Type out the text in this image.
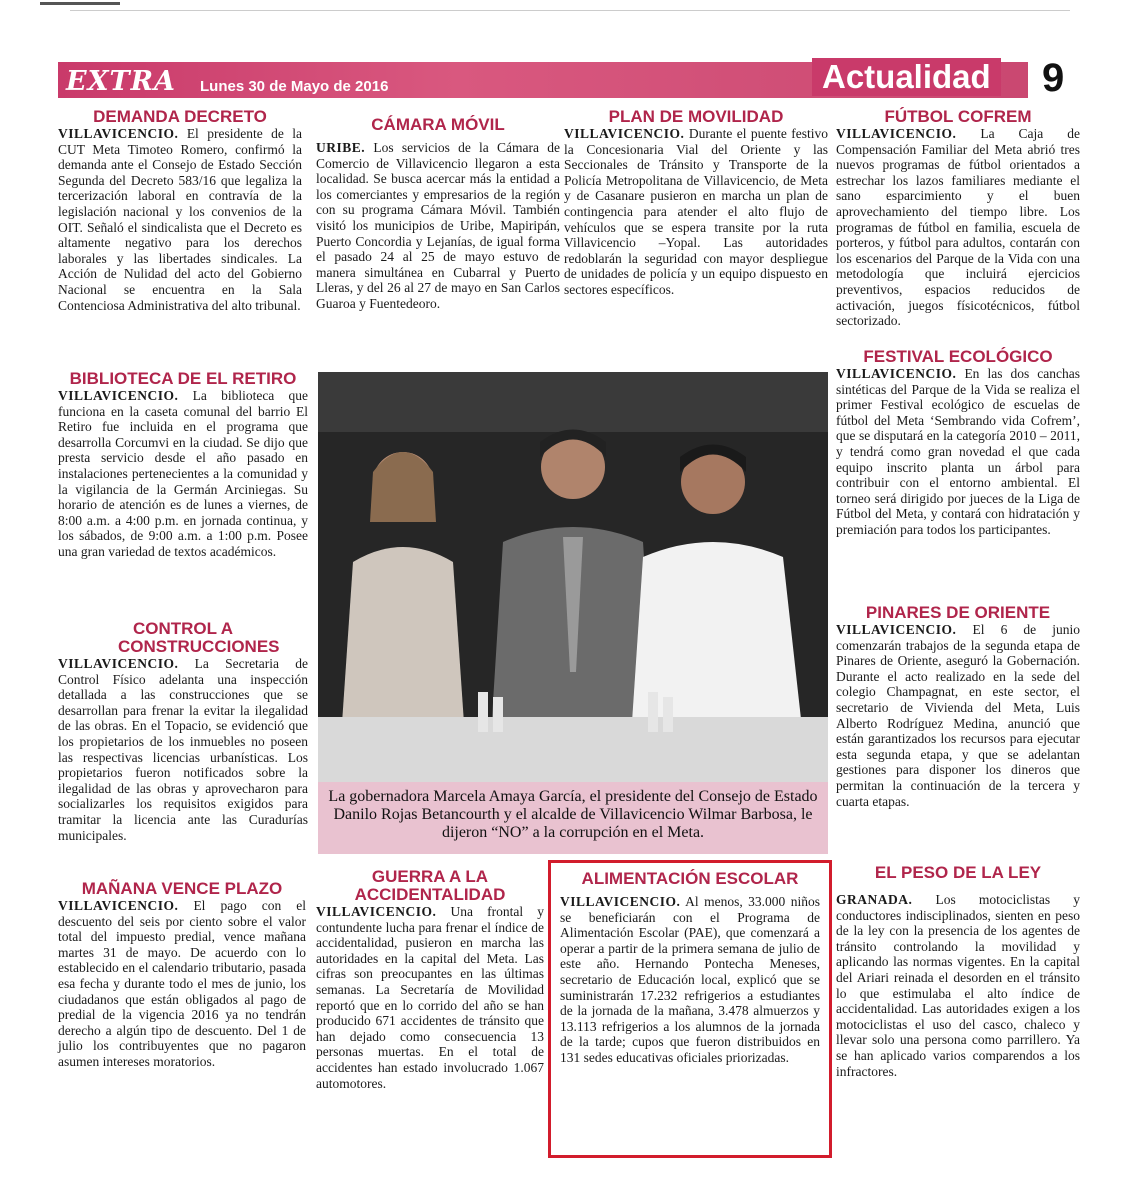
EXTRA Lunes 30 de Mayo de 2016	Actualidad	9
DEMANDA DECRETO

VILLAVICENCIO. El presidente de la CUT Meta Timoteo Romero, confirmó la demanda ante el Consejo de Estado Sección Segunda del Decreto 583/16 que legaliza la tercerización laboral en contravía de la legislación nacional y los convenios de la OIT. Señaló el sindicalista que el Decreto es altamente negativo para los derechos laborales y las libertades sindicales. La Acción de Nulidad del acto del Gobierno Nacional se encuentra en la Sala Contenciosa Administrativa del alto tribunal.

BIBLIOTECA DE EL RETIRO

VILLAVICENCIO. La biblioteca que funciona en la caseta comunal del barrio El Retiro fue incluida en el programa que desarrolla Corcumvi en la ciudad. Se dijo que presta servicio desde el año pasado en instalaciones pertenecientes a la comunidad y la vigilancia de la Germán Arciniegas. Su horario de atención es de lunes a viernes, de 8:00 a.m. a 4:00 p.m. en jornada continua, y los sábados, de 9:00 a.m. a 1:00 p.m. Posee una gran variedad de textos académicos.

CONTROL A CONSTRUCCIONES

VILLAVICENCIO. La Secretaria de Control Físico adelanta una inspección detallada a las construcciones que se desarrollan para frenar la evitar la ilegalidad de las obras. En el Topacio, se evidenció que los propietarios de los inmuebles no poseen las respectivas licencias urbanísticas. Los propietarios fueron notificados sobre la ilegalidad de las obras y aprovecharon para socializarles los requisitos exigidos para tramitar la licencia ante las Curadurías municipales.

MAÑANA VENCE PLAZO

VILLAVICENCIO. El pago con el descuento del seis por ciento sobre el valor total del impuesto predial, vence mañana martes 31 de mayo. De acuerdo con lo establecido en el calendario tributario, pasada esa fecha y durante todo el mes de junio, los ciudadanos que están obligados al pago de predial de la vigencia 2016 ya no tendrán derecho a algún tipo de descuento. Del 1 de julio los contribuyentes que no pagaron asumen intereses moratorios.

CÁMARA MÓVIL

URIBE. Los servicios de la Cámara de Comercio de Villavicencio llegaron a esta localidad. Se busca acercar más la entidad a los comerciantes y empresarios de la región con su programa Cámara Móvil. También visitó los municipios de Uribe, Mapiripán, Puerto Concordia y Lejanías, de igual forma el pasado 24 al 25 de mayo estuvo de manera simultánea en Cubarral y Puerto Lleras, y del 26 al 27 de mayo en San Carlos Guaroa y Fuentedeoro.

PLAN DE MOVILIDAD

VILLAVICENCIO. Durante el puente festivo la Concesionaria Vial del Oriente y las Seccionales de Tránsito y Transporte de la Policía Metropolitana de Villavicencio, de Meta y de Casanare pusieron en marcha un plan de contingencia para atender el alto flujo de vehículos que se espera transite por la ruta Villavicencio –Yopal. Las autoridades redoblarán la seguridad con mayor despliegue de unidades de policía y un equipo dispuesto en sectores específicos.

FÚTBOL COFREM

VILLAVICENCIO. La Caja de Compensación Familiar del Meta abrió tres nuevos programas de fútbol orientados a estrechar los lazos familiares mediante el sano esparcimiento y el buen aprovechamiento del tiempo libre. Los programas de fútbol en familia, escuela de porteros, y fútbol para adultos, contarán con los escenarios del Parque de la Vida con una metodología que incluirá ejercicios preventivos, espacios reducidos de activación, juegos físicotécnicos, fútbol sectorizado.

FESTIVAL ECOLÓGICO

VILLAVICENCIO. En las dos canchas sintéticas del Parque de la Vida se realiza el primer Festival ecológico de escuelas de fútbol del Meta ‘Sembrando vida Cofrem’, que se disputará en la categoría 2010 – 2011, y tendrá como gran novedad el que cada equipo inscrito planta un árbol para contribuir con el entorno ambiental. El torneo será dirigido por jueces de la Liga de Fútbol del Meta, y contará con hidratación y premiación para todos los participantes.

PINARES DE ORIENTE

VILLAVICENCIO. El 6 de junio comenzarán trabajos de la segunda etapa de Pinares de Oriente, aseguró la Gobernación. Durante el acto realizado en la sede del colegio Champagnat, en este sector, el secretario de Vivienda del Meta, Luis Alberto Rodríguez Medina, anunció que están garantizados los recursos para ejecutar esta segunda etapa, y que se adelantan gestiones para disponer los dineros que permitan la continuación de la tercera y cuarta etapas.

La gobernadora Marcela Amaya García, el presidente del Consejo de Estado Danilo Rojas Betancourth y el alcalde de Villavicencio Wilmar Barbosa, le dijeron “NO” a la corrupción en el Meta.
GUERRA A LA ACCIDENTALIDAD

VILLAVICENCIO. Una frontal y contundente lucha para frenar el índice de accidentalidad, pusieron en marcha las autoridades en la capital del Meta. Las cifras son preocupantes en las últimas semanas. La Secretaría de Movilidad reportó que en lo corrido del año se han producido 671 accidentes de tránsito que han dejado como consecuencia 13 personas muertas. En el total de accidentes han estado involucrado 1.067 automotores.

ALIMENTACIÓN ESCOLAR

VILLAVICENCIO. Al menos, 33.000 niños se beneficiarán con el Programa de Alimentación Escolar (PAE), que comenzará a operar a partir de la primera semana de julio de este año. Hernando Pontecha Meneses, secretario de Educación local, explicó que se suministrarán 17.232 refrigerios a estudiantes de la jornada de la mañana, 3.478 almuerzos y 13.113 refrigerios a los alumnos de la jornada de la tarde; cupos que fueron distribuidos en 131 sedes educativas oficiales priorizadas.

EL PESO DE LA LEY

GRANADA. Los motociclistas y conductores indisciplinados, sienten en peso de la ley con la presencia de los agentes de tránsito controlando la movilidad y aplicando las normas vigentes. En la capital del Ariari reinada el desorden en el tránsito lo que estimulaba el alto índice de accidentalidad. Las autoridades exigen a los motociclistas el uso del casco, chaleco y llevar solo una persona como parrillero. Ya se han aplicado varios comparendos a los infractores.
